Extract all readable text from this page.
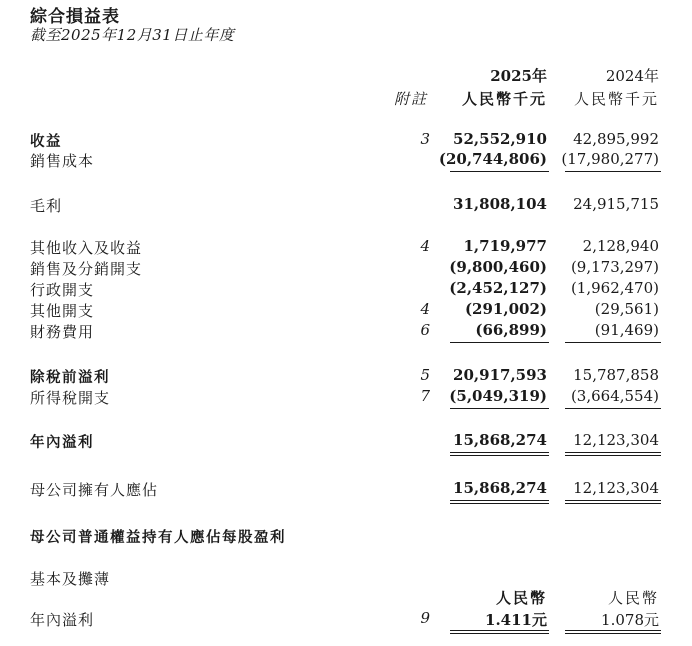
綜合損益表
截至2025年12月31日止年度
2025年	2024年
附註	人民幣千元	人民幣千元
收益	3	52,552,910	42,895,992
銷售成本	(20,744,806) (17,980,277)
毛利	31,808,104	24,915,715
其他收入及收益	4	1,719,977	2,128,940
銷售及分銷開支	(9,800,460)	(9,173,297)
行政開支	(2,452,127)	(1,962,470)
其他開支	4	(291,002)	(29,561)
財務費用	6	(66,899)	(91,469)
除稅前溢利	5	20,917,593	15,787,858
所得稅開支	7	(5,049,319)	(3,664,554)
年內溢利	15,868,274	12,123,304
母公司擁有人應佔	15,868,274	12,123,304
母公司普通權益持有人應佔每股盈利
基本及攤薄
人民幣	人民幣
年內溢利	9	1.411元	1.078元
